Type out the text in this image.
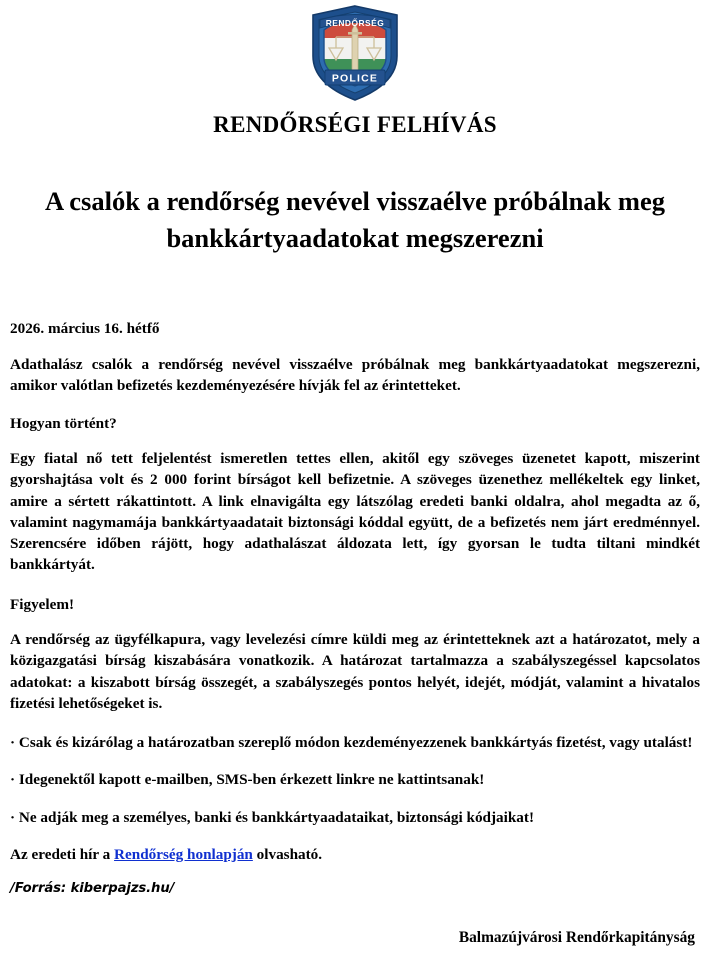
RENDŐRSÉG
POLICE
RENDŐRSÉGI FELHÍVÁS
A csalók a rendőrség nevével visszaélve próbálnak meg bankkártyaadatokat megszerezni

2026. március 16. hétfő

Adathalász csalók a rendőrség nevével visszaélve próbálnak meg bankkártyaadatokat megszerezni, amikor valótlan befizetés kezdeményezésére hívják fel az érintetteket.

Hogyan történt?

Egy fiatal nő tett feljelentést ismeretlen tettes ellen, akitől egy szöveges üzenetet kapott, miszerint gyorshajtása volt és 2 000 forint bírságot kell befizetnie. A szöveges üzenethez mellékeltek egy linket, amire a sértett rákattintott. A link elnavigálta egy látszólag eredeti banki oldalra, ahol megadta az ő, valamint nagymamája bankkártyaadatait biztonsági kóddal együtt, de a befizetés nem járt eredménnyel. Szerencsére időben rájött, hogy adathalászat áldozata lett, így gyorsan le tudta tiltani mindkét bankkártyát.

Figyelem!

A rendőrség az ügyfélkapura, vagy levelezési címre küldi meg az érintetteknek azt a határozatot, mely a közigazgatási bírság kiszabására vonatkozik. A határozat tartalmazza a szabályszegéssel kapcsolatos adatokat: a kiszabott bírság összegét, a szabályszegés pontos helyét, idejét, módját, valamint a hivatalos fizetési lehetőségeket is.

· Csak és kizárólag a határozatban szereplő módon kezdeményezzenek bankkártyás fizetést, vagy utalást!

· Idegenektől kapott e-mailben, SMS-ben érkezett linkre ne kattintsanak!

· Ne adják meg a személyes, banki és bankkártyaadataikat, biztonsági kódjaikat!

Az eredeti hír a Rendőrség honlapján olvasható.

/Forrás: kiberpajzs.hu/

Balmazújvárosi Rendőrkapitányság
